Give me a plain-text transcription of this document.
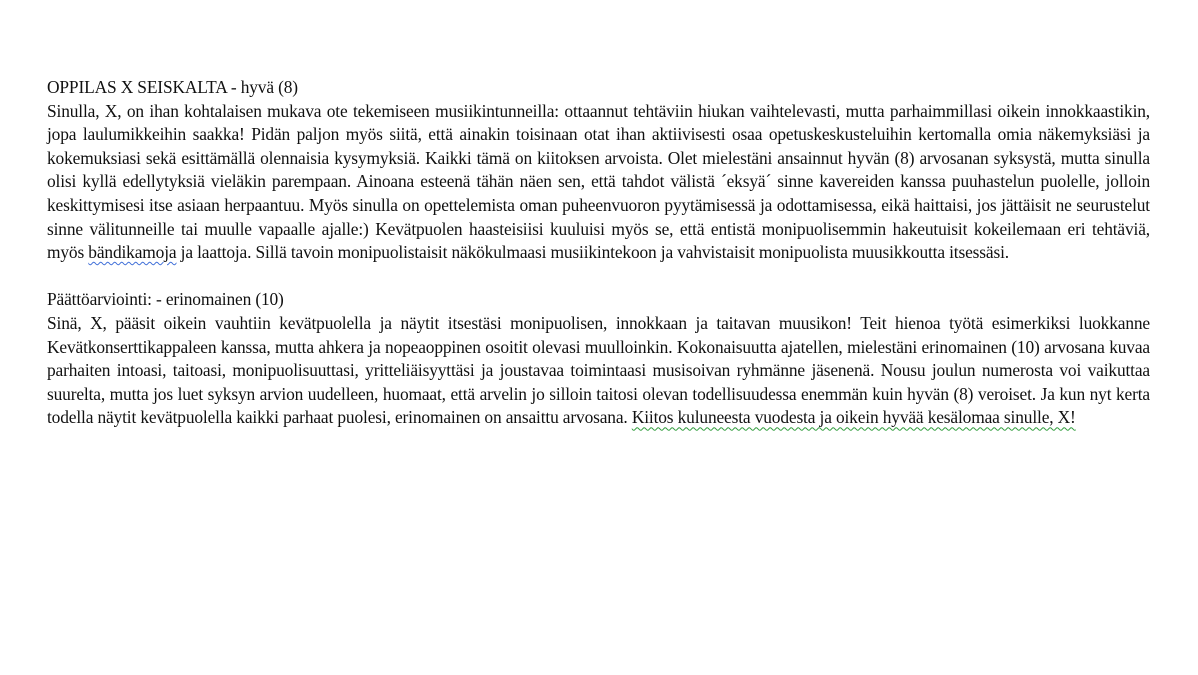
OPPILAS X SEISKALTA - hyvä (8)

Sinulla, X, on ihan kohtalaisen mukava ote tekemiseen musiikintunneilla: ottaannut tehtäviin hiukan vaihtelevasti, mutta parhaimmillasi oikein innokkaastikin, jopa laulumikkeihin saakka! Pidän paljon myös siitä, että ainakin toisinaan otat ihan aktiivisesti osaa opetuskeskusteluihin kertomalla omia näkemyksiäsi ja kokemuksiasi sekä esittämällä olennaisia kysymyksiä. Kaikki tämä on kiitoksen arvoista. Olet mielestäni ansainnut hyvän (8) arvosanan syksystä, mutta sinulla olisi kyllä edellytyksiä vieläkin parempaan. Ainoana esteenä tähän näen sen, että tahdot välistä ´eksyä´ sinne kavereiden kanssa puuhastelun puolelle, jolloin keskittymisesi itse asiaan herpaantuu. Myös sinulla on opettelemista oman puheenvuoron pyytämisessä ja odottamisessa, eikä haittaisi, jos jättäisit ne seurustelut sinne välitunneille tai muulle vapaalle ajalle:) Kevätpuolen haasteisiisi kuuluisi myös se, että entistä monipuolisemmin hakeutuisit kokeilemaan eri tehtäviä, myös bändikamoja ja laattoja. Sillä tavoin monipuolistaisit näkökulmaasi musiikintekoon ja vahvistaisit monipuolista muusikkoutta itsessäsi.

Päättöarviointi: - erinomainen (10)

Sinä, X, pääsit oikein vauhtiin kevätpuolella ja näytit itsestäsi monipuolisen, innokkaan ja taitavan muusikon! Teit hienoa työtä esimerkiksi luokkanne Kevätkonserttikappaleen kanssa, mutta ahkera ja nopeaoppinen osoitit olevasi muulloinkin. Kokonaisuutta ajatellen, mielestäni erinomainen (10) arvosana kuvaa parhaiten intoasi, taitoasi, monipuolisuuttasi, yritteliäisyyttäsi ja joustavaa toimintaasi musisoivan ryhmänne jäsenenä. Nousu joulun numerosta voi vaikuttaa suurelta, mutta jos luet syksyn arvion uudelleen, huomaat, että arvelin jo silloin taitosi olevan todellisuudessa enemmän kuin hyvän (8) veroiset. Ja kun nyt kerta todella näytit kevätpuolella kaikki parhaat puolesi, erinomainen on ansaittu arvosana. Kiitos kuluneesta vuodesta ja oikein hyvää kesälomaa sinulle, X!
